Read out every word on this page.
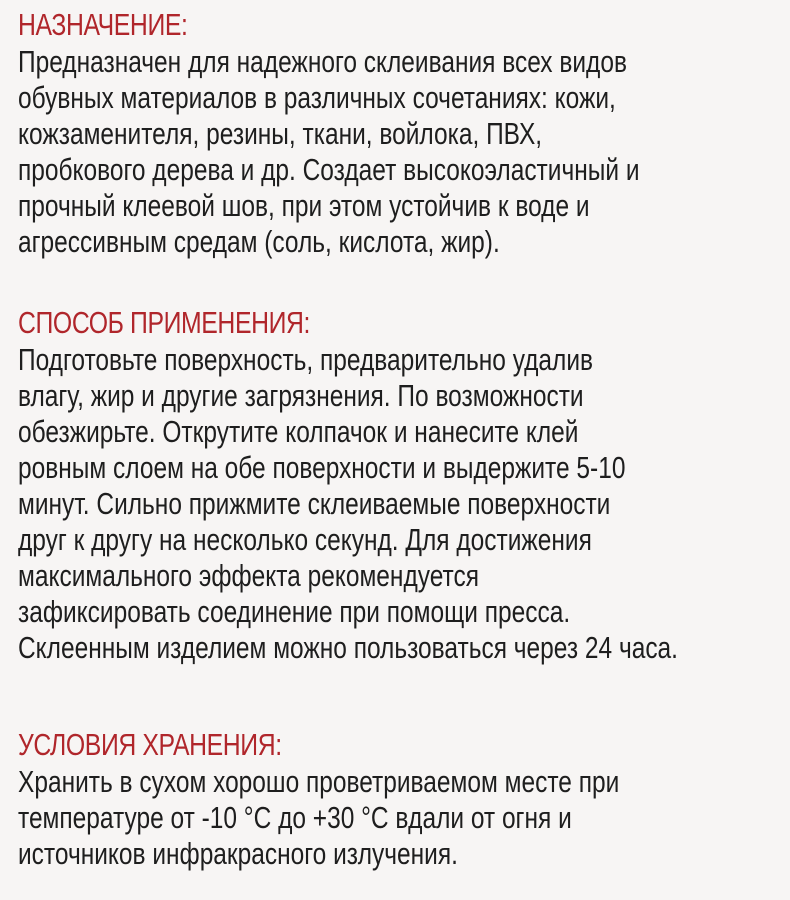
НАЗНАЧЕНИЕ:
Предназначен для надежного склеивания всех видов
обувных материалов в различных сочетаниях: кожи,
кожзаменителя, резины, ткани, войлока, ПВХ,
пробкового дерева и др. Создает высокоэластичный и
прочный клеевой шов, при этом устойчив к воде и
агрессивным средам (соль, кислота, жир).
СПОСОБ ПРИМЕНЕНИЯ:
Подготовьте поверхность, предварительно удалив
влагу, жир и другие загрязнения. По возможности
обезжирьте. Открутите колпачок и нанесите клей
ровным слоем на обе поверхности и выдержите 5-10
минут. Сильно прижмите склеиваемые поверхности
друг к другу на несколько секунд. Для достижения
максимального эффекта рекомендуется
зафиксировать соединение при помощи пресса.
Склеенным изделием можно пользоваться через 24 часа.
УСЛОВИЯ ХРАНЕНИЯ:
Хранить в сухом хорошо проветриваемом месте при
температуре от -10 °С до +30 °С вдали от огня и
источников инфракрасного излучения.
